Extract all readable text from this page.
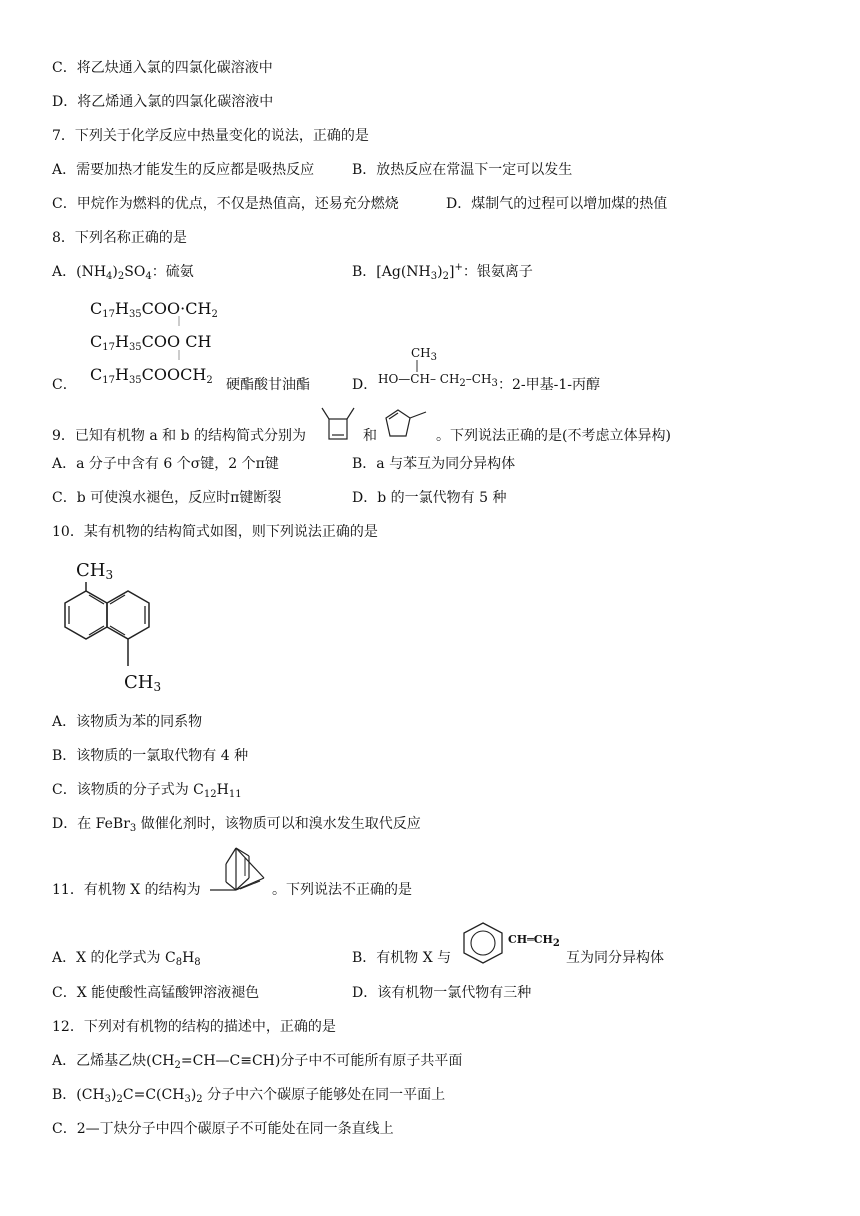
C．将乙炔通入氯的四氯化碳溶液中
D．将乙烯通入氯的四氯化碳溶液中
7．下列关于化学反应中热量变化的说法，正确的是
A．需要加热才能发生的反应都是吸热反应	B．放热反应在常温下一定可以发生
C．甲烷作为燃料的优点，不仅是热值高，还易充分燃烧	D．煤制气的过程可以增加煤的热值
8．下列名称正确的是
A．$(NH_4)_2SO_4$：硫氨	B．$[Ag(NH_3)_2]^+$：银氨离子
C．
$C_{17}H_{35}COO\cdot CH_2$
$C_{17}H_{35}COO$ CH
$C_{17}H_{35}COOCH_2$ 硬酯酸甘油酯	D．
$CH_3$
HO—CH– $CH_2-CH_3$ ：2-甲基-1-丙醇
9．已知有机物 a 和 b 的结构简式分别为	和	。下列说法正确的是(不考虑立体异构)
A．a 分子中含有 6 个σ键，2 个π键	B．a 与苯互为同分异构体
C．b 可使溴水褪色，反应时π键断裂	D．b 的一氯代物有 5 种
10．某有机物的结构简式如图，则下列说法正确的是
$CH_3$
$CH_3$
A．该物质为苯的同系物
B．该物质的一氯取代物有 4 种
C．该物质的分子式为 $C_{12}H_{11}$
D．在 FeBr$_3$ 做催化剂时，该物质可以和溴水发生取代反应
11．有机物 X 的结构为	。下列说法不正确的是
A．X 的化学式为 $C_8H_8$	B．有机物 X 与
$CH═CH_2$
互为同分异构体
C．X 能使酸性高锰酸钾溶液褪色	D．该有机物一氯代物有三种
12．下列对有机物的结构的描述中，正确的是
A．乙烯基乙炔$(CH_2=CH—C\equiv CH)$分子中不可能所有原子共平面
B．$(CH_3)_2C=C(CH_3)_2$ 分子中六个碳原子能够处在同一平面上
C．2—丁炔分子中四个碳原子不可能处在同一条直线上
